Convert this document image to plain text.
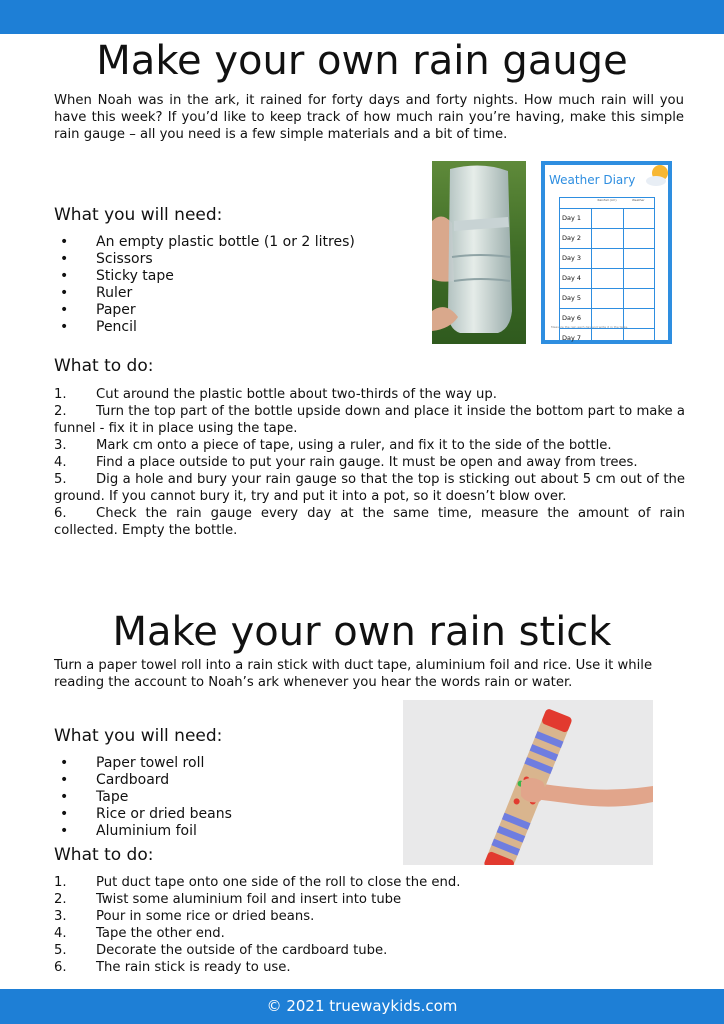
Make your own rain gauge

When Noah was in the ark, it rained for forty days and forty nights. How much rain will you have this week? If you’d like to keep track of how much rain you’re having, make this simple rain gauge – all you need is a few simple materials and a bit of time.

What you will need:
• An empty plastic bottle (1 or 2 litres)
• Scissors
• Sticky tape
• Ruler
• Paper
• Pencil
Weather Diary
Rainfall (cm)	Weather
Day 1
Day 2
Day 3
Day 4
Day 5
Day 6
Day 7
Measure the rain each day and write it in the table.
What to do:
1. Cut around the plastic bottle about two-thirds of the way up.
2. Turn the top part of the bottle upside down and place it inside the bottom part to make a funnel - fix it in place using the tape.
3. Mark cm onto a piece of tape, using a ruler, and fix it to the side of the bottle.
4. Find a place outside to put your rain gauge. It must be open and away from trees.
5. Dig a hole and bury your rain gauge so that the top is sticking out about 5 cm out of the ground. If you cannot bury it, try and put it into a pot, so it doesn’t blow over.
6. Check the rain gauge every day at the same time, measure the amount of rain collected. Empty the bottle.
Make your own rain stick

Turn a paper towel roll into a rain stick with duct tape, aluminium foil and rice. Use it while reading the account to Noah’s ark whenever you hear the words rain or water.

What you will need:
• Paper towel roll
• Cardboard
• Tape
• Rice or dried beans
• Aluminium foil
What to do:
1. Put duct tape onto one side of the roll to close the end.
2. Twist some aluminium foil and insert into tube
3. Pour in some rice or dried beans.
4. Tape the other end.
5. Decorate the outside of the cardboard tube.
6. The rain stick is ready to use.
© 2021 truewaykids.com
